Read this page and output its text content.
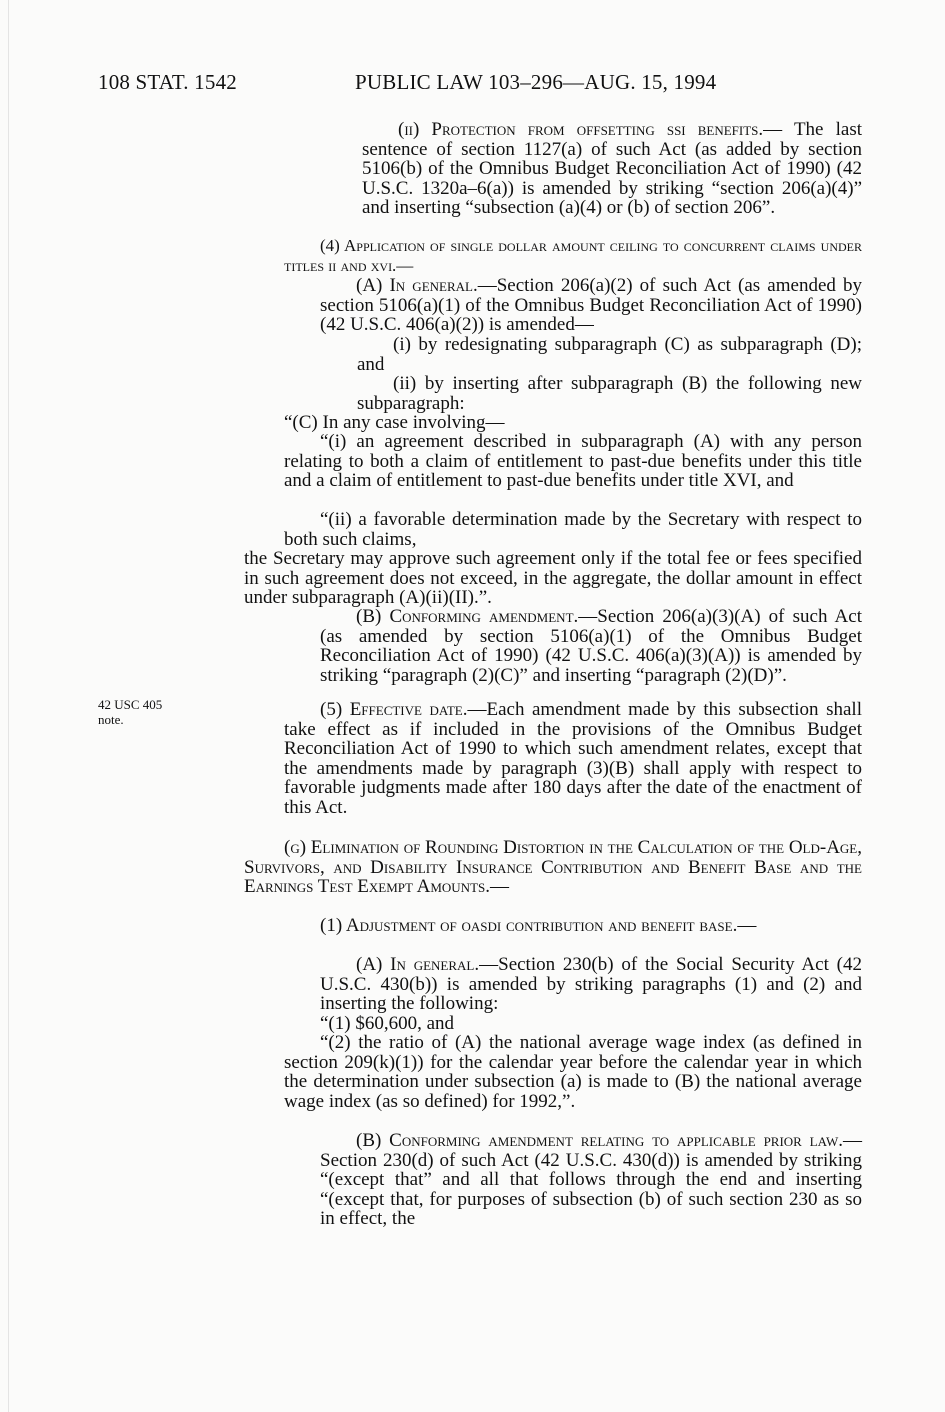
108 STAT. 1542	PUBLIC LAW 103–296—AUG. 15, 1994
42 USC 405
note.

(ii) Protection from offsetting ssi benefits.— The last sentence of section 1127(a) of such Act (as added by section 5106(b) of the Omnibus Budget Reconciliation Act of 1990) (42 U.S.C. 1320a–6(a)) is amended by striking “section 206(a)(4)” and inserting “subsection (a)(4) or (b) of section 206”.

(4) Application of single dollar amount ceiling to concurrent claims under titles ii and xvi.—
(A) In general.—Section 206(a)(2) of such Act (as amended by section 5106(a)(1) of the Omnibus Budget Reconciliation Act of 1990) (42 U.S.C. 406(a)(2)) is amended—
(i) by redesignating subparagraph (C) as subparagraph (D); and
(ii) by inserting after subparagraph (B) the following new subparagraph:
“(C) In any case involving—
“(i) an agreement described in subparagraph (A) with any person relating to both a claim of entitlement to past-due benefits under this title and a claim of entitlement to past-due benefits under title XVI, and
“(ii) a favorable determination made by the Secretary with respect to both such claims,
the Secretary may approve such agreement only if the total fee or fees specified in such agreement does not exceed, in the aggregate, the dollar amount in effect under subparagraph (A)(ii)(II).”.
(B) Conforming amendment.—Section 206(a)(3)(A) of such Act (as amended by section 5106(a)(1) of the Omnibus Budget Reconciliation Act of 1990) (42 U.S.C. 406(a)(3)(A)) is amended by striking “paragraph (2)(C)” and inserting “paragraph (2)(D)”.
(5) Effective date.—Each amendment made by this subsection shall take effect as if included in the provisions of the Omnibus Budget Reconciliation Act of 1990 to which such amendment relates, except that the amendments made by paragraph (3)(B) shall apply with respect to favorable judgments made after 180 days after the date of the enactment of this Act.
(g) Elimination of Rounding Distortion in the Calculation of the Old-Age, Survivors, and Disability Insurance Contribution and Benefit Base and the Earnings Test Exempt Amounts.—
(1) Adjustment of oasdi contribution and benefit base.—
(A) In general.—Section 230(b) of the Social Security Act (42 U.S.C. 430(b)) is amended by striking paragraphs (1) and (2) and inserting the following:
“(1) $60,600, and
“(2) the ratio of (A) the national average wage index (as defined in section 209(k)(1)) for the calendar year before the calendar year in which the determination under subsection (a) is made to (B) the national average wage index (as so defined) for 1992,”.
(B) Conforming amendment relating to applicable prior law.—Section 230(d) of such Act (42 U.S.C. 430(d)) is amended by striking “(except that” and all that follows through the end and inserting “(except that, for purposes of subsection (b) of such section 230 as so in effect, the
